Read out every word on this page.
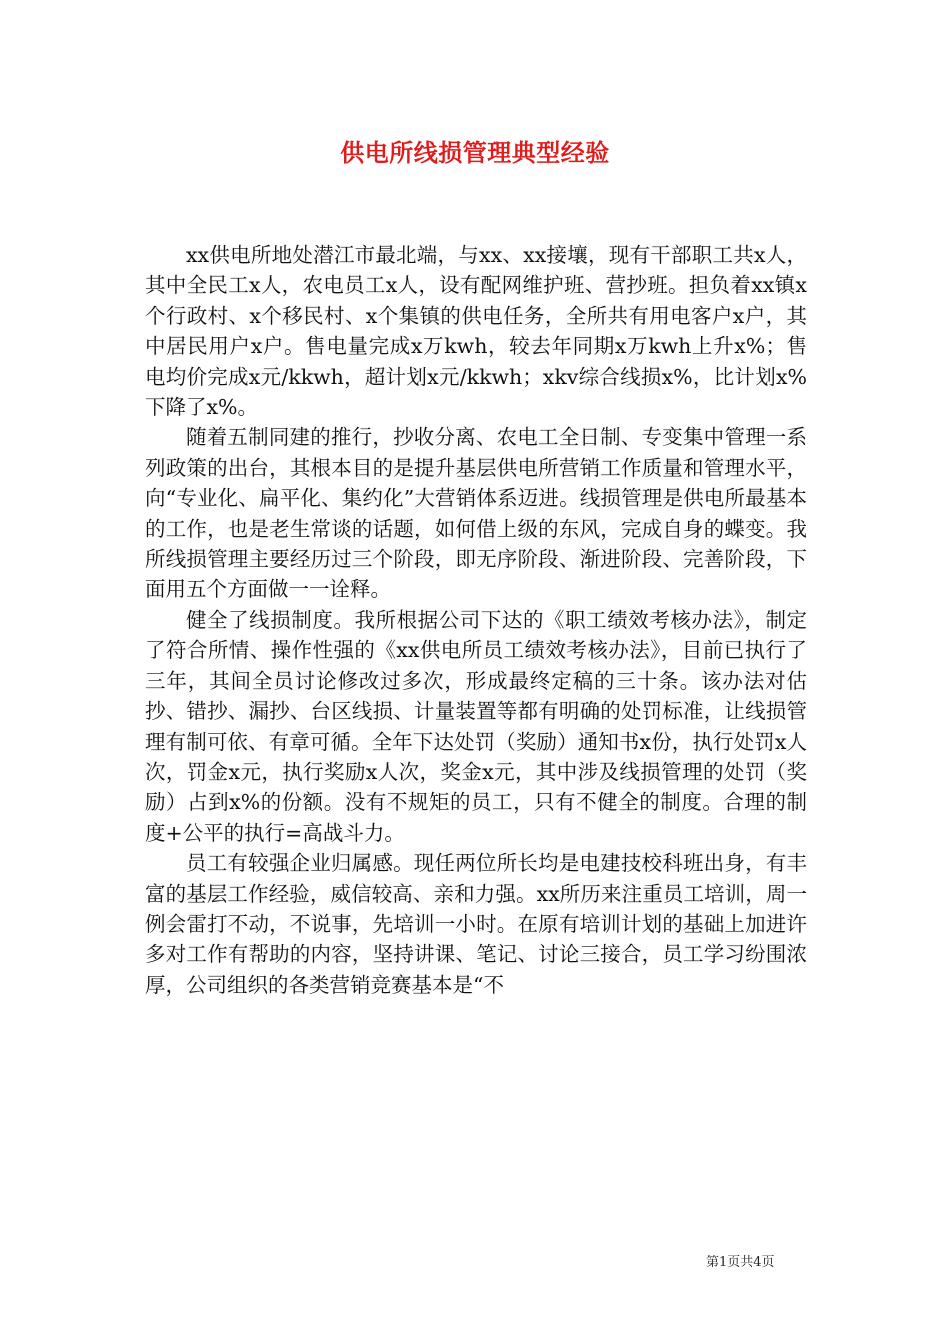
供电所线损管理典型经验

xx供电所地处潜江市最北端，与xx、xx接壤，现有干部职工共x人，其中全民工x人，农电员工x人，设有配网维护班、营抄班。担负着xx镇x个行政村、x个移民村、x个集镇的供电任务，全所共有用电客户x户，其中居民用户x户。售电量完成x万kwh，较去年同期x万kwh上升x%；售电均价完成x元/kkwh，超计划x元/kkwh；xkv综合线损x%，比计划x%下降了x%。

随着五制同建的推行，抄收分离、农电工全日制、专变集中管理一系列政策的出台，其根本目的是提升基层供电所营销工作质量和管理水平，向“专业化、扁平化、集约化”大营销体系迈进。线损管理是供电所最基本的工作，也是老生常谈的话题，如何借上级的东风，完成自身的蝶变。我所线损管理主要经历过三个阶段，即无序阶段、渐进阶段、完善阶段，下面用五个方面做一一诠释。

健全了线损制度。我所根据公司下达的《职工绩效考核办法》，制定了符合所情、操作性强的《xx供电所员工绩效考核办法》，目前已执行了三年，其间全员讨论修改过多次，形成最终定稿的三十条。该办法对估抄、错抄、漏抄、台区线损、计量装置等都有明确的处罚标准，让线损管理有制可依、有章可循。全年下达处罚（奖励）通知书x份，执行处罚x人次，罚金x元，执行奖励x人次，奖金x元，其中涉及线损管理的处罚（奖励）占到x%的份额。没有不规矩的员工，只有不健全的制度。合理的制度+公平的执行=高战斗力。

员工有较强企业归属感。现任两位所长均是电建技校科班出身，有丰富的基层工作经验，威信较高、亲和力强。xx所历来注重员工培训，周一例会雷打不动，不说事，先培训一小时。在原有培训计划的基础上加进许多对工作有帮助的内容，坚持讲课、笔记、讨论三接合，员工学习纷围浓厚，公司组织的各类营销竞赛基本是“不

第1页共4页
